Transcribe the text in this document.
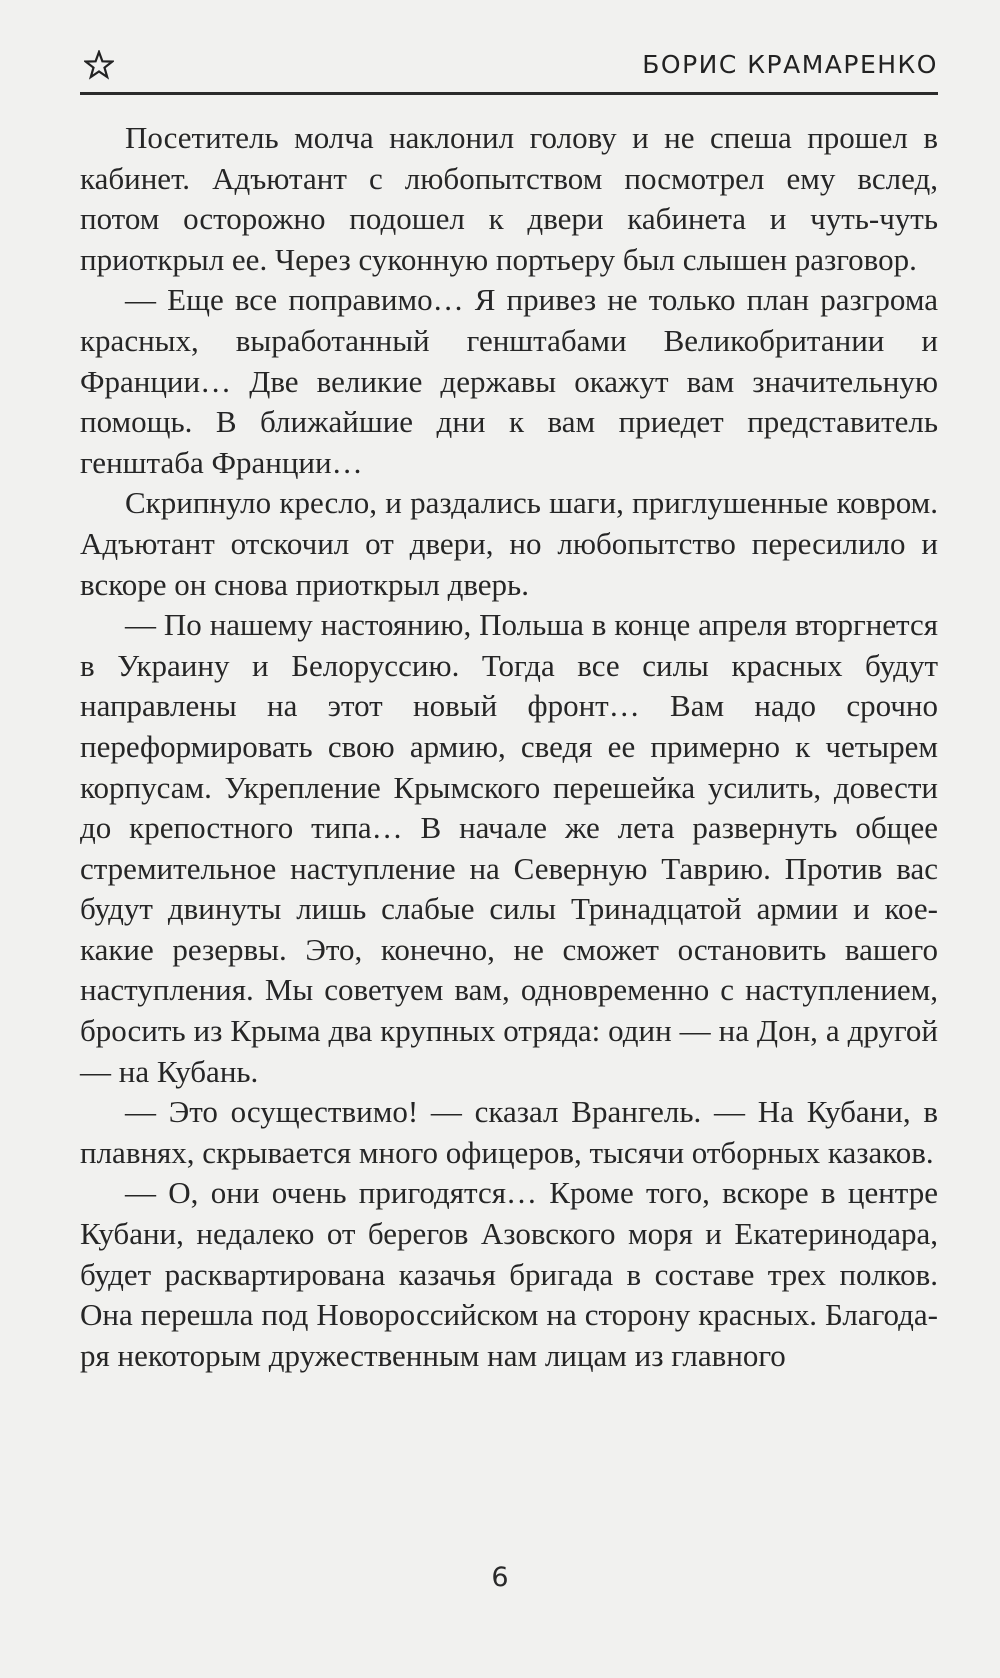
БОРИС КРАМАРЕНКО

Посетитель молча наклонил голову и не спеша прошел в кабинет. Адъютант с любопытством посмотрел ему вслед, потом осторожно подошел к двери кабинета и чуть-чуть приоткрыл ее. Через суконную портьеру был слышен разговор.

— Еще все поправимо… Я привез не только план разгрома красных, выработанный генштабами Великобритании и Франции… Две великие державы окажут вам значительную помощь. В ближайшие дни к вам приедет представитель генштаба Франции…

Скрипнуло кресло, и раздались шаги, приглушенные ковром. Адъютант отскочил от двери, но любопытство пересилило и вскоре он снова приоткрыл дверь.

— По нашему настоянию, Польша в конце апреля вторгнется в Украину и Белоруссию. Тогда все силы красных будут направлены на этот новый фронт… Вам надо срочно переформировать свою армию, сведя ее примерно к четырем корпусам. Укрепление Крымского перешейка усилить, довести до крепостного типа… В начале же лета развернуть общее стремительное наступление на Северную Таврию. Против вас будут двинуты лишь слабые силы Тринадцатой армии и коекакие резервы. Это, конечно, не сможет остановить вашего наступления. Мы советуем вам, одновременно с наступлением, бросить из Крыма два крупных отряда: один — на Дон, а другой — на Кубань.

— Это осуществимо! — сказал Врангель. — На Кубани, в плавнях, скрывается много офицеров, тысячи отборных казаков.

— О, они очень пригодятся… Кроме того, вскоре в центре Кубани, недалеко от берегов Азовского моря и Екатеринодара, будет расквартирована казачья бригада в составе трех полков. Она перешла под Новороссийском на сторону красных. Благодаря некоторым дружественным нам лицам из главного

6
